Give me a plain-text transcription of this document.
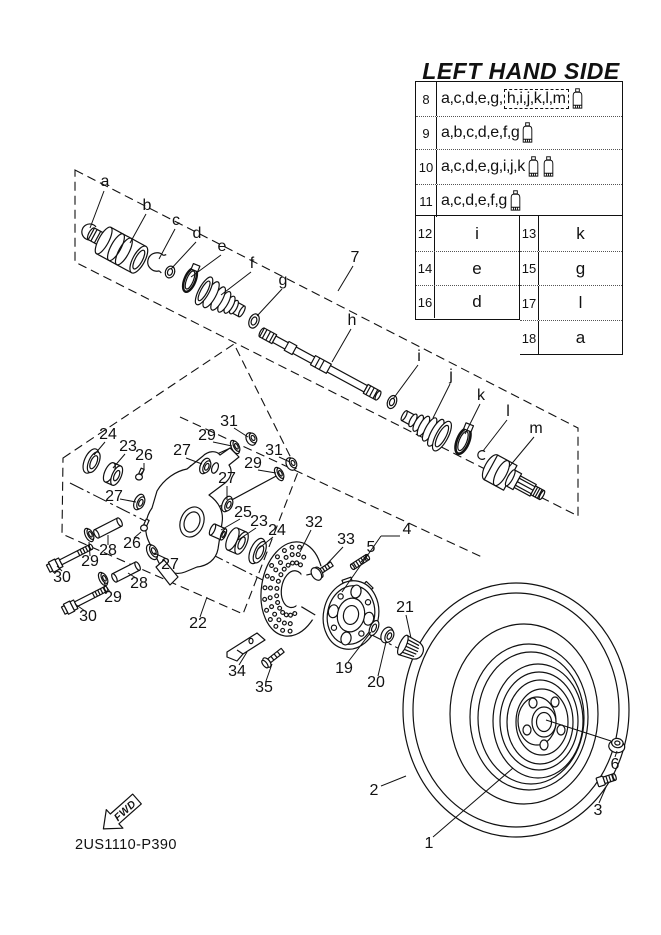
a
b
c
d
e
f
g
h
i
j
k
l
m
7
24
23
26 27
29
31
31
29
27
27
25
23
24
26
28
29
30
27
28
29
30	22
32
33 5
4
21
19
20
34
35
1
2
3
6
FWD
LEFT HAND SIDE
8 a,c,d,e,g, h,i,j,k,l,m
9 a,b,c,d,e,f,g
10 a,c,d,e,g,i,j,k
11 a,c,d,e,f,g
12	i
14	e
16	d
13	k
15	g
17	l
18	a
2US1110-P390
